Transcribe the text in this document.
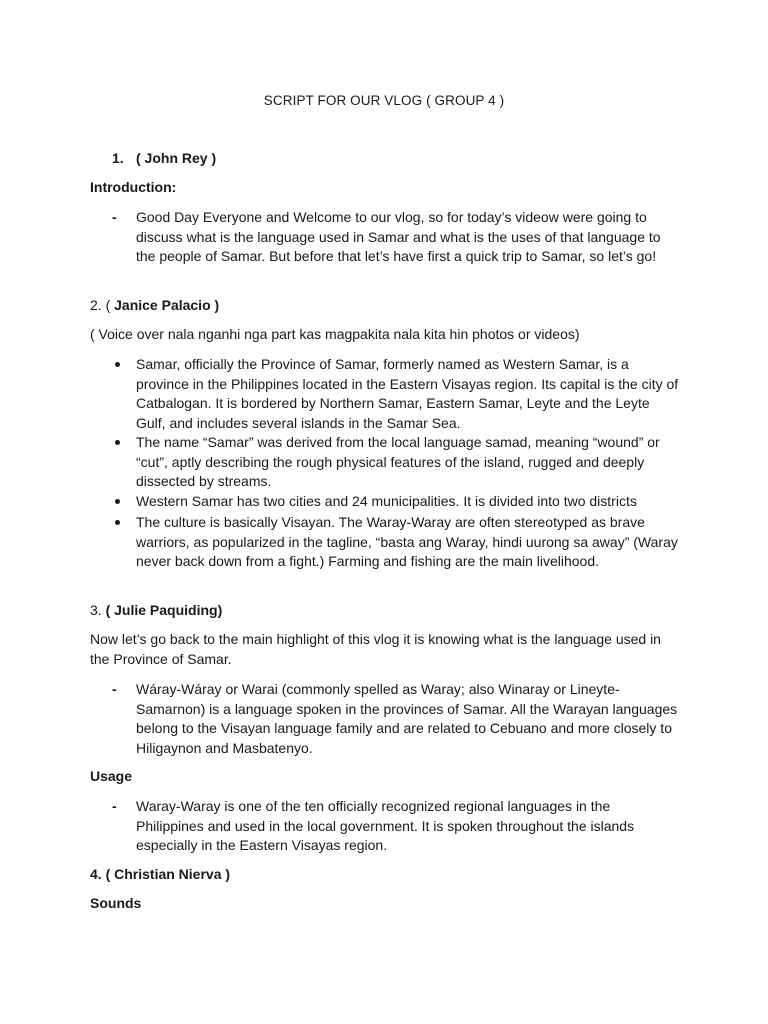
SCRIPT FOR OUR VLOG ( GROUP 4 )
1. ( John Rey )
Introduction:
-	Good Day Everyone and Welcome to our vlog, so for today’s videow were going to discuss what is the language used in Samar and what is the uses of that language to the people of Samar. But before that let’s have first a quick trip to Samar, so let’s go!
2. ( Janice Palacio )
( Voice over nala nganhi nga part kas magpakita nala kita hin photos or videos)
Samar, officially the Province of Samar, formerly named as Western Samar, is a province in the Philippines located in the Eastern Visayas region. Its capital is the city of Catbalogan. It is bordered by Northern Samar, Eastern Samar, Leyte and the Leyte Gulf, and includes several islands in the Samar Sea.
The name “Samar” was derived from the local language samad, meaning “wound” or “cut”, aptly describing the rough physical features of the island, rugged and deeply dissected by streams.
Western Samar has two cities and 24 municipalities. It is divided into two districts
The culture is basically Visayan. The Waray-Waray are often stereotyped as brave warriors, as popularized in the tagline, “basta ang Waray, hindi uurong sa away” (Waray never back down from a fight.) Farming and fishing are the main livelihood.
3. ( Julie Paquiding)
Now let’s go back to the main highlight of this vlog it is knowing what is the language used in the Province of Samar.
-	Wáray-Wáray or Warai (commonly spelled as Waray; also Winaray or Lineyte-Samarnon) is a language spoken in the provinces of Samar. All the Warayan languages belong to the Visayan language family and are related to Cebuano and more closely to Hiligaynon and Masbatenyo.
Usage
-	Waray-Waray is one of the ten officially recognized regional languages in the Philippines and used in the local government. It is spoken throughout the islands especially in the Eastern Visayas region.
4. ( Christian Nierva )
Sounds
